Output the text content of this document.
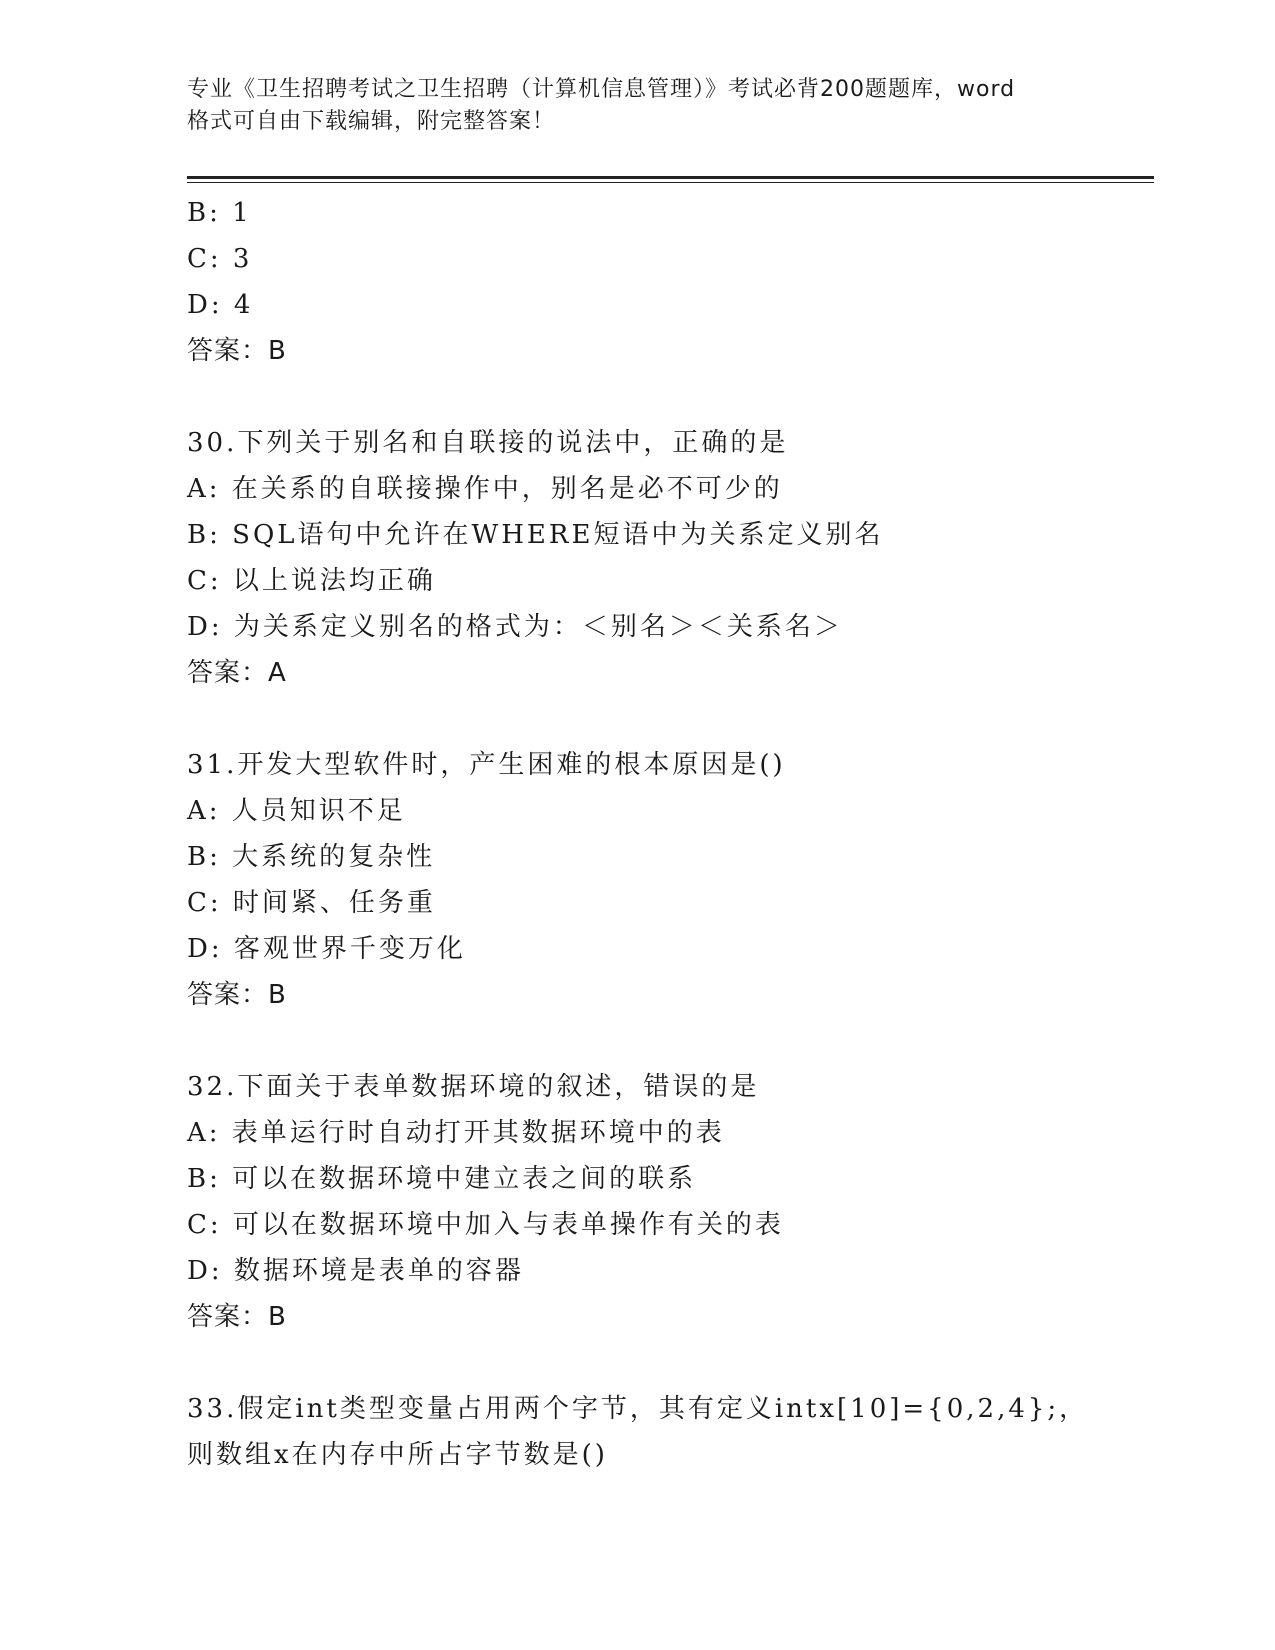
专业《卫生招聘考试之卫生招聘（计算机信息管理）》考试必背200题题库，word
格式可自由下载编辑，附完整答案！
B: 1
C: 3
D: 4
答案：B
30.下列关于别名和自联接的说法中，正确的是
A: 在关系的自联接操作中，别名是必不可少的
B: SQL语句中允许在WHERE短语中为关系定义别名
C: 以上说法均正确
D: 为关系定义别名的格式为：＜别名＞＜关系名＞
答案：A
31.开发大型软件时，产生困难的根本原因是()
A: 人员知识不足
B: 大系统的复杂性
C: 时间紧、任务重
D: 客观世界千变万化
答案：B
32.下面关于表单数据环境的叙述，错误的是
A: 表单运行时自动打开其数据环境中的表
B: 可以在数据环境中建立表之间的联系
C: 可以在数据环境中加入与表单操作有关的表
D: 数据环境是表单的容器
答案：B
33.假定int类型变量占用两个字节，其有定义intx[10]={0,2,4};，
则数组x在内存中所占字节数是()
